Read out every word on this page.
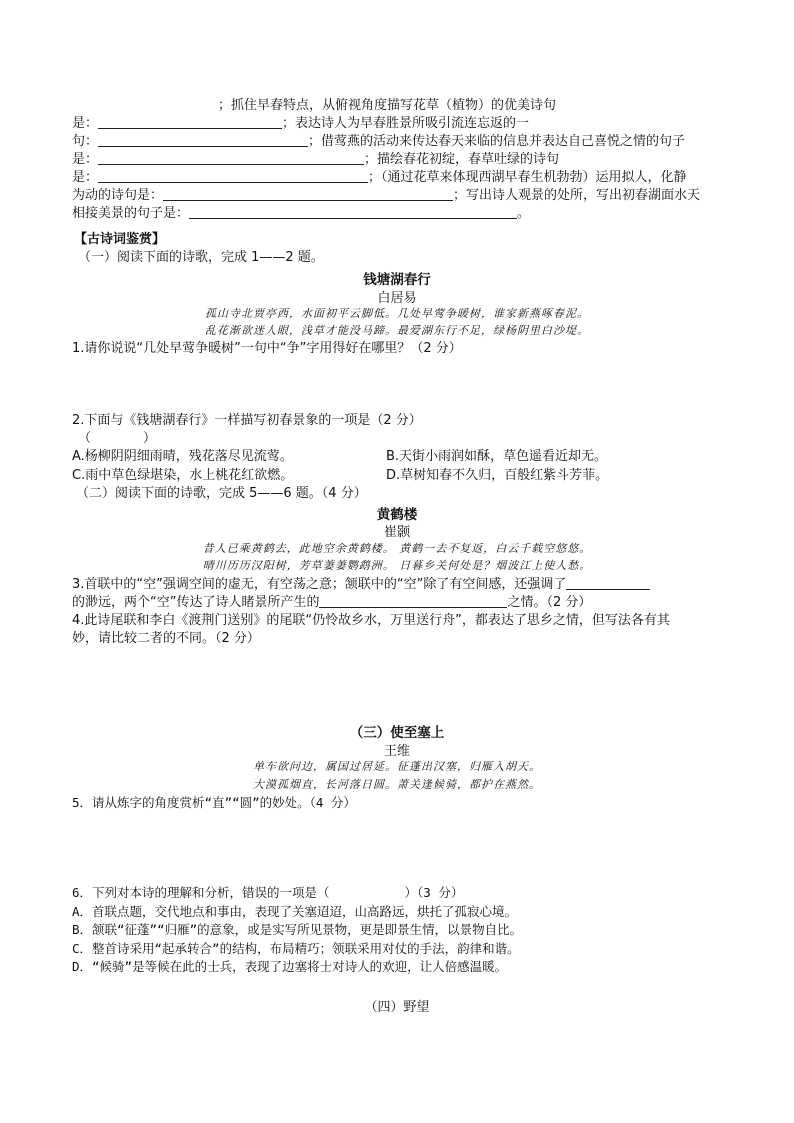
；抓住早春特点，从俯视角度描写花草（植物）的优美诗句
是：	；表达诗人为早春胜景所吸引流连忘返的一
句：	；借莺燕的活动来传达春天来临的信息并表达自己喜悦之情的句子
是：	；描绘春花初绽，春草吐绿的诗句
是：	；（通过花草来体现西湖早春生机勃勃）运用拟人，化静
为动的诗句是：	；写出诗人观景的处所，写出初春湖面水天
相接美景的句子是：	。
【古诗词鉴赏】
（一）阅读下面的诗歌，完成 1——2 题。
钱塘湖春行
白居易
孤山寺北贾亭西，水面初平云脚低。几处早莺争暖树，谁家新燕啄春泥。
乱花渐欲迷人眼，浅草才能没马蹄。最爱湖东行不足，绿杨阴里白沙堤。
1.请你说说“几处早莺争暖树”一句中“争”字用得好在哪里？（2 分）
2.下面与《钱塘湖春行》一样描写初春景象的一项是（2 分）
（　　　　）
A.杨柳阴阴细雨晴，残花落尽见流莺。	B.天街小雨润如酥，草色遥看近却无。
C.雨中草色绿堪染，水上桃花红欲燃。	D.草树知春不久归，百般红紫斗芳菲。
（二）阅读下面的诗歌，完成 5——6 题。（4 分）
黄鹤楼
崔颢
昔人已乘黄鹤去，此地空余黄鹤楼。 黄鹤一去不复返，白云千载空悠悠。
晴川历历汉阳树，芳草萋萋鹦鹉洲。 日暮乡关何处是？烟波江上使人愁。
3.首联中的“空”强调空间的虚无，有空荡之意；颔联中的“空”除了有空间感，还强调了
的渺远，两个“空”传达了诗人睹景所产生的	之情。（2 分）
4.此诗尾联和李白《渡荆门送别》的尾联“仍怜故乡水，万里送行舟”，都表达了思乡之情，但写法各有其
妙，请比较二者的不同。（2 分）
（三）使至塞上
王维
单车欲问边，属国过居延。征蓬出汉塞，归雁入胡天。
大漠孤烟直，长河落日圆。萧关逢候骑，都护在燕然。
5．请从炼字的角度赏析“直”“圆”的妙处。（4 分）
6．下列对本诗的理解和分析，错误的一项是（　　　　　　）（3 分）
A．首联点题，交代地点和事由，表现了关塞迢迢，山高路远，烘托了孤寂心境。
B．颔联“征蓬”“归雁”的意象，或是实写所见景物，更是即景生情，以景物自比。
C．整首诗采用“起承转合”的结构，布局精巧；领联采用对仗的手法，韵律和谐。
D．“候骑”是等候在此的士兵，表现了边塞将士对诗人的欢迎，让人倍感温暖。
（四）野望
